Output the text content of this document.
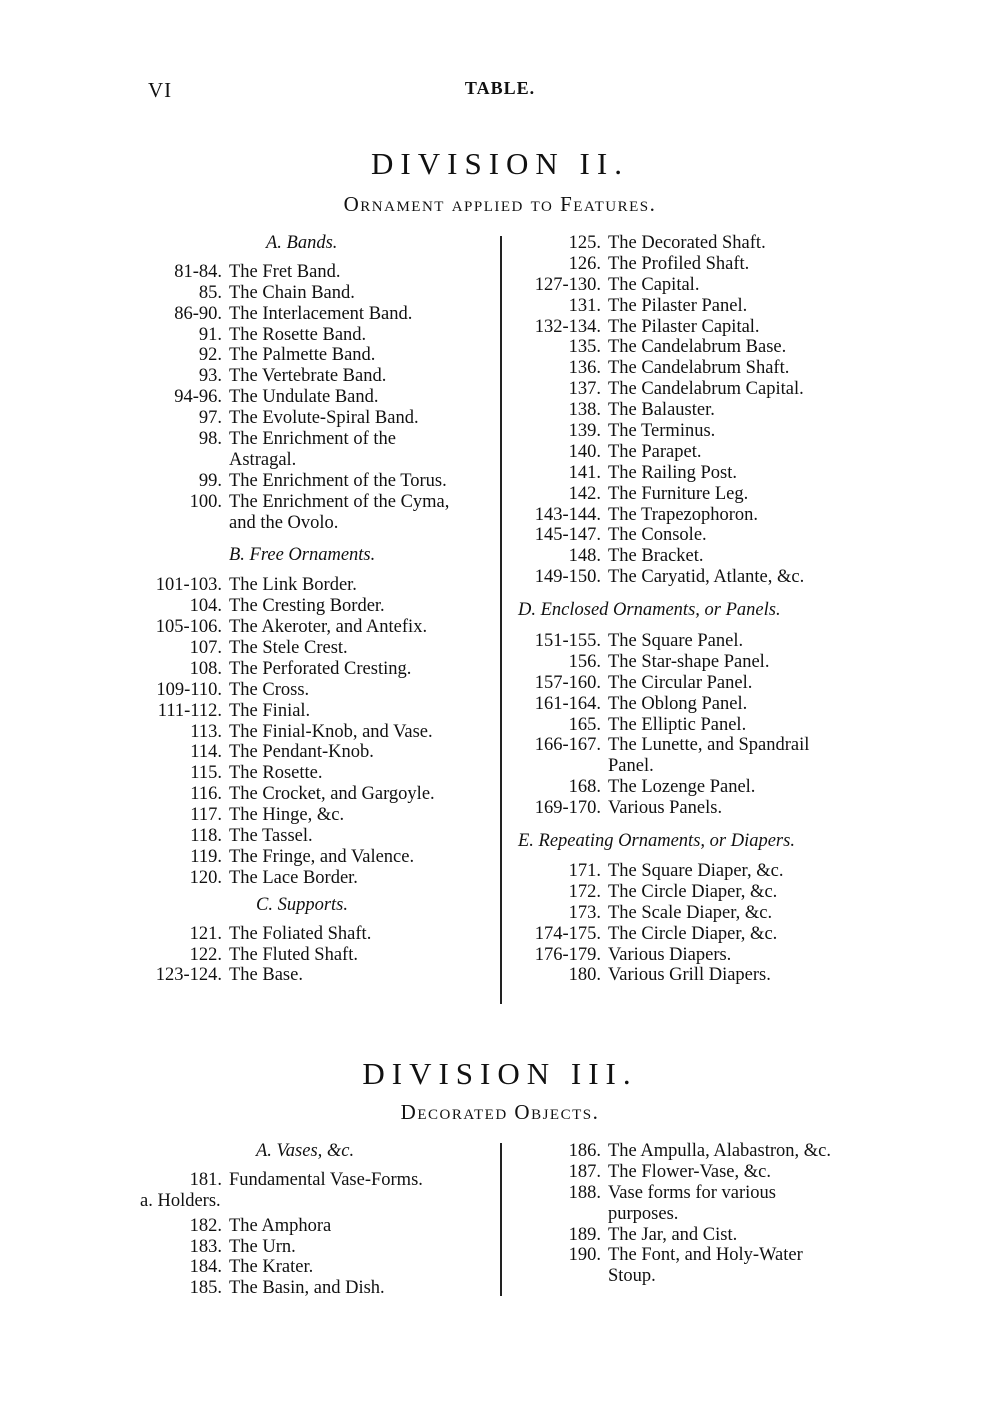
VI	TABLE.
DIVISION II.
Ornament applied to Features.
A. Bands.
81-84. The Fret Band.
85. The Chain Band.
86-90. The Interlacement Band.
91. The Rosette Band.
92. The Palmette Band.
93. The Vertebrate Band.
94-96. The Undulate Band.
97. The Evolute-Spiral Band.
98. The Enrichment of the
Astragal.
99. The Enrichment of the Torus.
100. The Enrichment of the Cyma,
and the Ovolo.
B. Free Ornaments.
101-103. The Link Border.
104. The Cresting Border.
105-106. The Akeroter, and Antefix.
107. The Stele Crest.
108. The Perforated Cresting.
109-110. The Cross.
111-112. The Finial.
113. The Finial-Knob, and Vase.
114. The Pendant-Knob.
115. The Rosette.
116. The Crocket, and Gargoyle.
117. The Hinge, &c.
118. The Tassel.
119. The Fringe, and Valence.
120. The Lace Border.
C. Supports.
121. The Foliated Shaft.
122. The Fluted Shaft.
123-124. The Base.
125. The Decorated Shaft.
126. The Profiled Shaft.
127-130. The Capital.
131. The Pilaster Panel.
132-134. The Pilaster Capital.
135. The Candelabrum Base.
136. The Candelabrum Shaft.
137. The Candelabrum Capital.
138. The Balauster.
139. The Terminus.
140. The Parapet.
141. The Railing Post.
142. The Furniture Leg.
143-144. The Trapezophoron.
145-147. The Console.
148. The Bracket.
149-150. The Caryatid, Atlante, &c.
D. Enclosed Ornaments, or Panels.
151-155. The Square Panel.
156. The Star-shape Panel.
157-160. The Circular Panel.
161-164. The Oblong Panel.
165. The Elliptic Panel.
166-167. The Lunette, and Spandrail
Panel.
168. The Lozenge Panel.
169-170. Various Panels.
E. Repeating Ornaments, or Diapers.
171. The Square Diaper, &c.
172. The Circle Diaper, &c.
173. The Scale Diaper, &c.
174-175. The Circle Diaper, &c.
176-179. Various Diapers.
180. Various Grill Diapers.
DIVISION III.
Decorated Objects.
A. Vases, &c.
181. Fundamental Vase-Forms.
a. Holders.
182. The Amphora
183. The Urn.
184. The Krater.
185. The Basin, and Dish.
186. The Ampulla, Alabastron, &c.
187. The Flower-Vase, &c.
188. Vase forms for various
purposes.
189. The Jar, and Cist.
190. The Font, and Holy-Water
Stoup.
